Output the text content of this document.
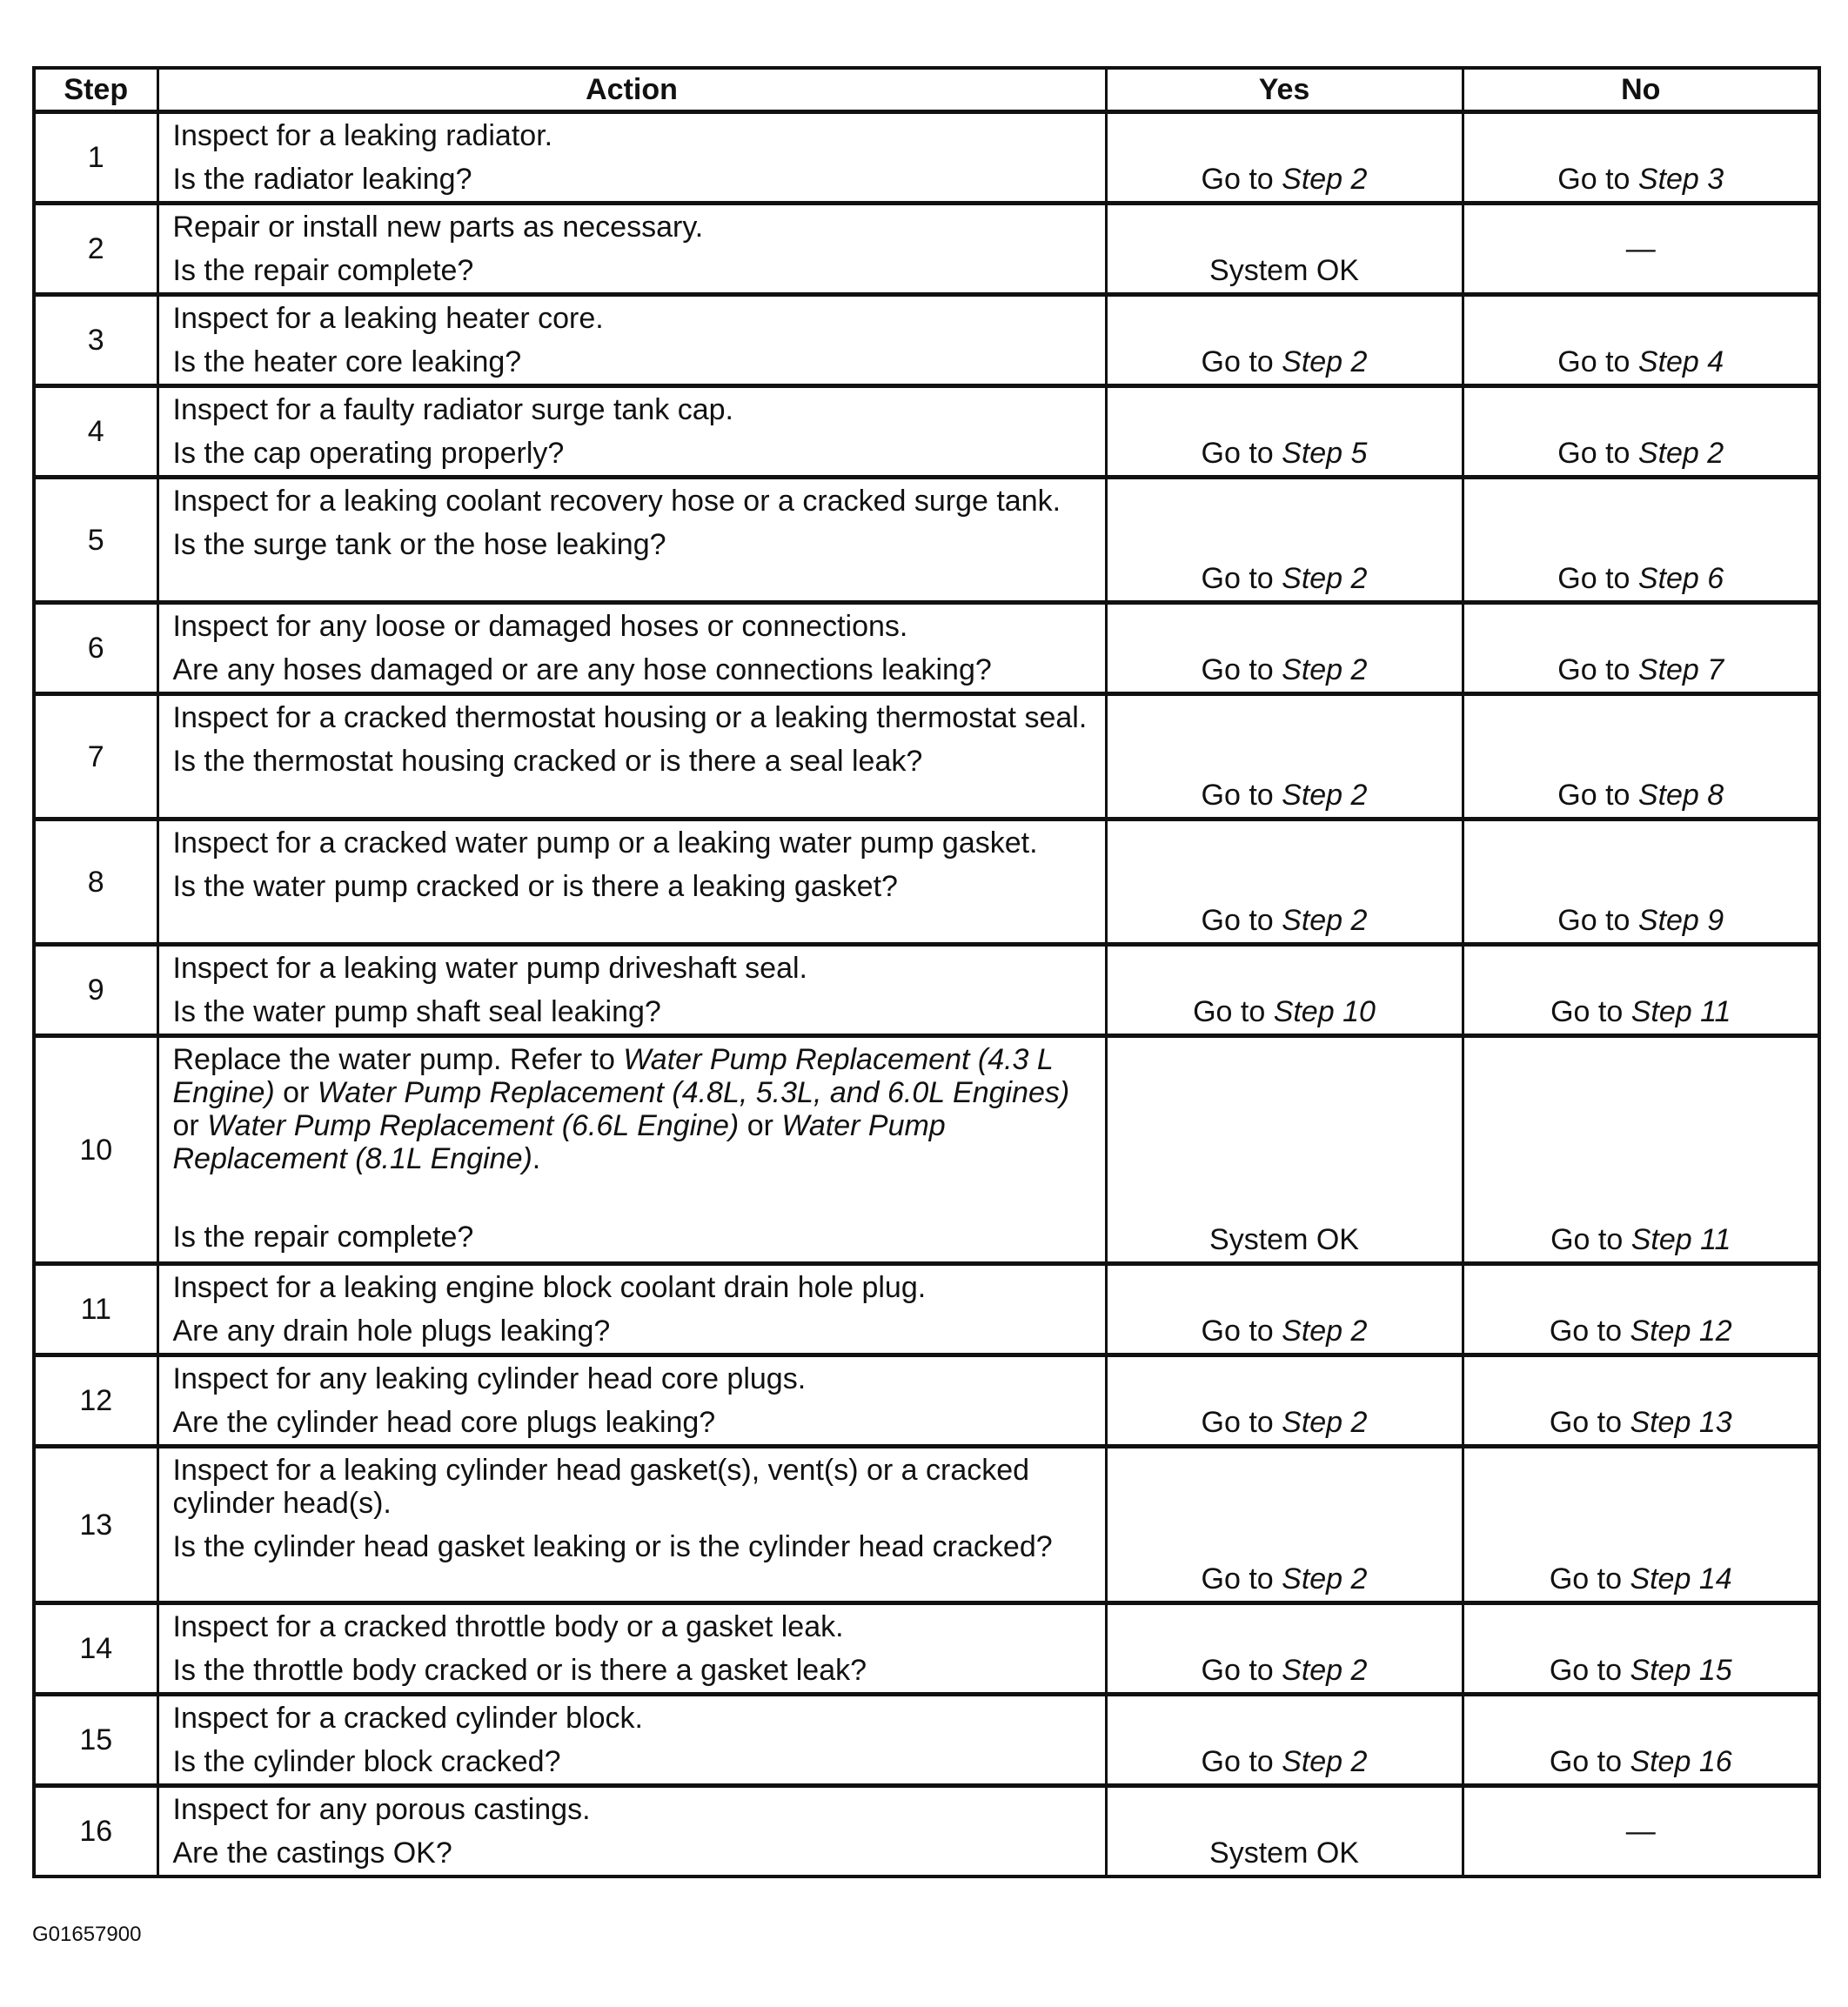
Step	Action	Yes	No
1	Inspect for a leaking radiator.
Is the radiator leaking?	Go to Step 2	Go to Step 3
2	Repair or install new parts as necessary.
Is the repair complete?	System OK	—
3	Inspect for a leaking heater core.
Is the heater core leaking?	Go to Step 2	Go to Step 4
4	Inspect for a faulty radiator surge tank cap.
Is the cap operating properly?	Go to Step 5	Go to Step 2
5	Inspect for a leaking coolant recovery hose or a cracked surge tank.
Is the surge tank or the hose leaking?	Go to Step 2	Go to Step 6
6	Inspect for any loose or damaged hoses or connections.
Are any hoses damaged or are any hose connections leaking?	Go to Step 2	Go to Step 7
7	Inspect for a cracked thermostat housing or a leaking thermostat seal.
Is the thermostat housing cracked or is there a seal leak?	Go to Step 2	Go to Step 8
8	Inspect for a cracked water pump or a leaking water pump gasket.
Is the water pump cracked or is there a leaking gasket?	Go to Step 2	Go to Step 9
9	Inspect for a leaking water pump driveshaft seal.
Is the water pump shaft seal leaking?	Go to Step 10	Go to Step 11
10	Replace the water pump. Refer to Water Pump Replacement (4.3 L Engine) or Water Pump Replacement (4.8L, 5.3L, and 6.0L Engines) or Water Pump Replacement (6.6L Engine) or Water Pump Replacement (8.1L Engine).
Is the repair complete?	System OK	Go to Step 11
11	Inspect for a leaking engine block coolant drain hole plug.
Are any drain hole plugs leaking?	Go to Step 2	Go to Step 12
12	Inspect for any leaking cylinder head core plugs.
Are the cylinder head core plugs leaking?	Go to Step 2	Go to Step 13
13	Inspect for a leaking cylinder head gasket(s), vent(s) or a cracked cylinder head(s).
Is the cylinder head gasket leaking or is the cylinder head cracked?	Go to Step 2	Go to Step 14
14	Inspect for a cracked throttle body or a gasket leak.
Is the throttle body cracked or is there a gasket leak?	Go to Step 2	Go to Step 15
15	Inspect for a cracked cylinder block.
Is the cylinder block cracked?	Go to Step 2	Go to Step 16
16	Inspect for any porous castings.
Are the castings OK?	System OK	—
G01657900
